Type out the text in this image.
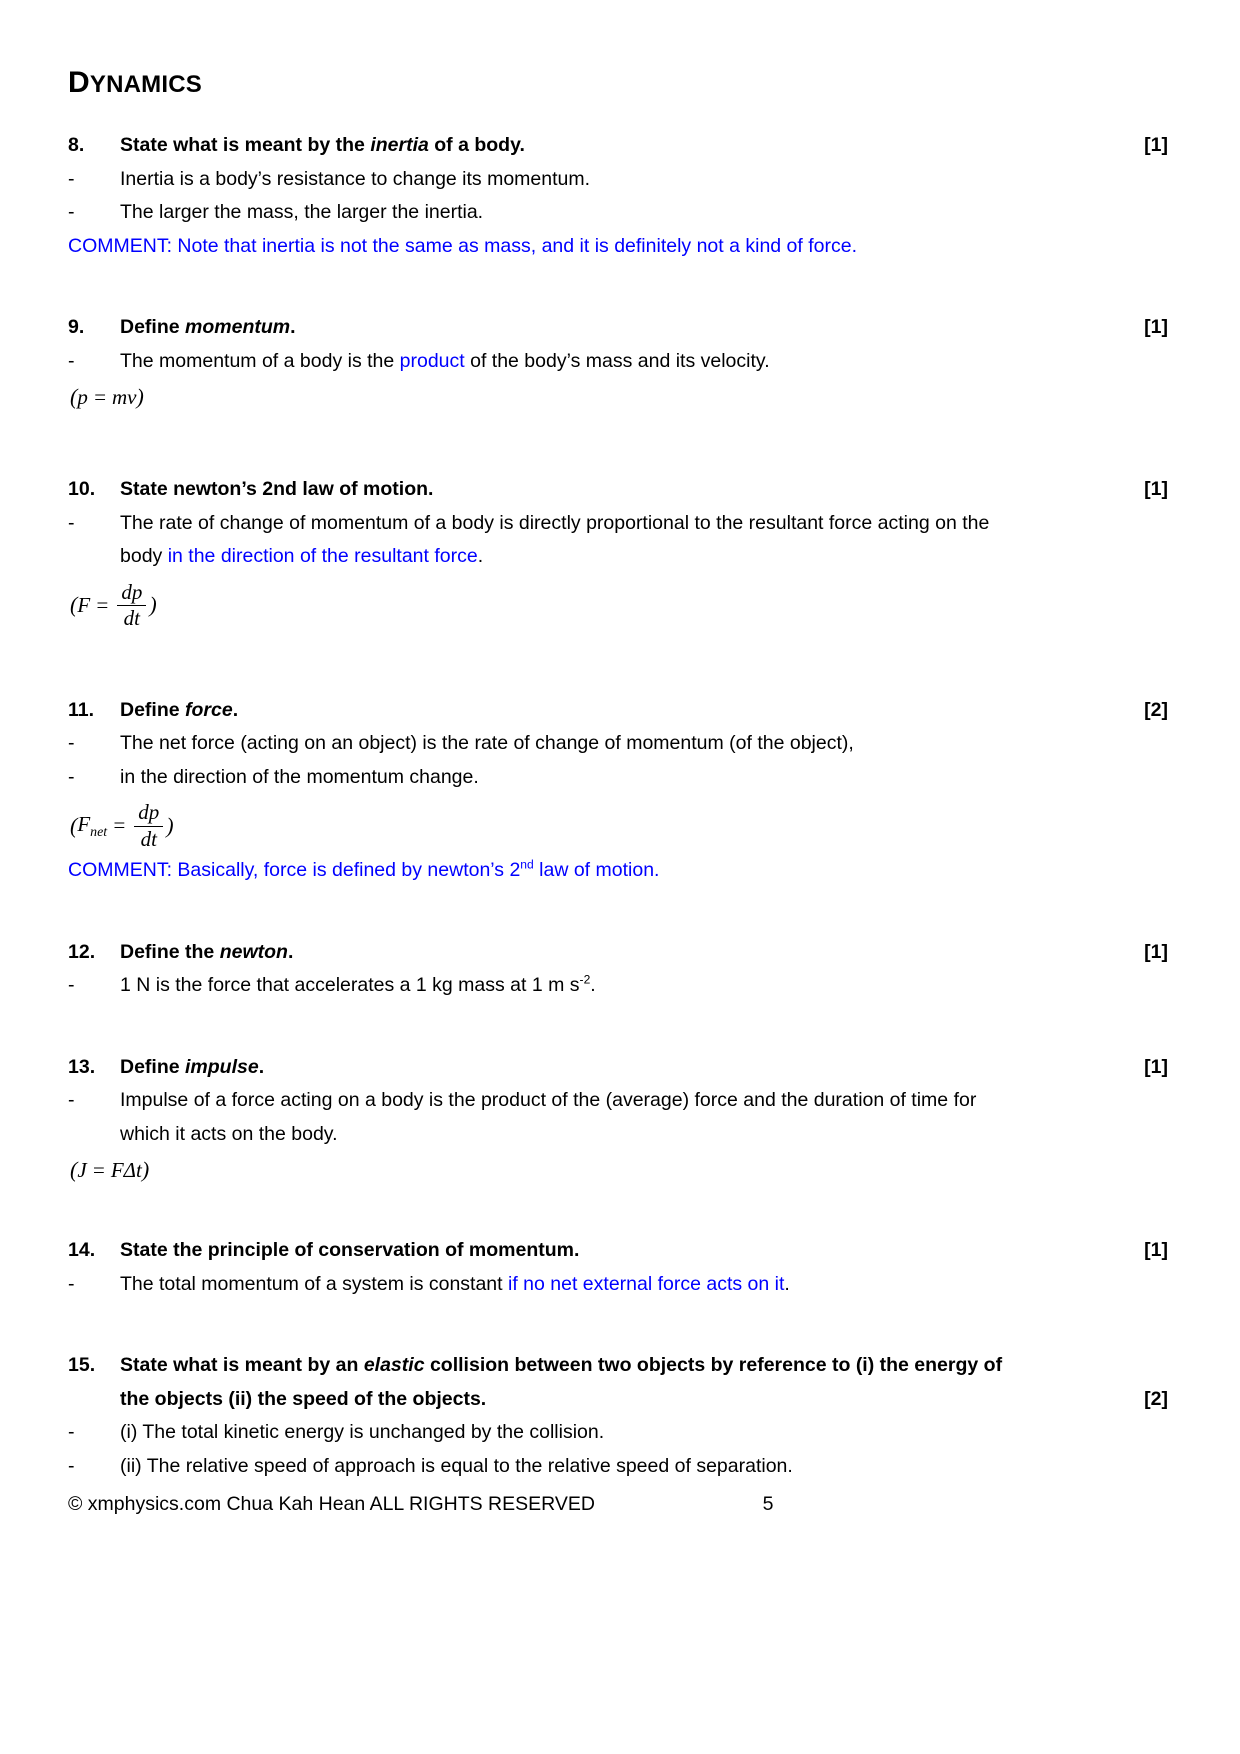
DYNAMICS
8.	State what is meant by the inertia of a body.	[1]
-	Inertia is a body’s resistance to change its momentum.
-	The larger the mass, the larger the inertia.
COMMENT: Note that inertia is not the same as mass, and it is definitely not a kind of force.
9.	Define momentum.	[1]
-	The momentum of a body is the product of the body’s mass and its velocity.
( p = mv )
10.	State newton’s 2nd law of motion.	[1]
-	The rate of change of momentum of a body is directly proportional to the resultant force acting on the
body in the direction of the resultant force.
( $F = \frac{dp}{dt}$ )
11.	Define force.	[2]
-	The net force (acting on an object) is the rate of change of momentum (of the object),
-	in the direction of the momentum change.
( $F_{net} = \frac{dp}{dt}$ )
COMMENT: Basically, force is defined by newton’s 2nd law of motion.
12.	Define the newton.	[1]
-	1 N is the force that accelerates a 1 kg mass at 1 m $s^{-2}$.
13.	Define impulse.	[1]
-	Impulse of a force acting on a body is the product of the (average) force and the duration of time for
which it acts on the body.
( J = FΔt )
14.	State the principle of conservation of momentum.	[1]
-	The total momentum of a system is constant if no net external force acts on it.
15.	State what is meant by an elastic collision between two objects by reference to (i) the energy of
the objects (ii) the speed of the objects.	[2]
-	(i) The total kinetic energy is unchanged by the collision.
-	(ii) The relative speed of approach is equal to the relative speed of separation.
© xmphysics.com Chua Kah Hean ALL RIGHTS RESERVED	5
